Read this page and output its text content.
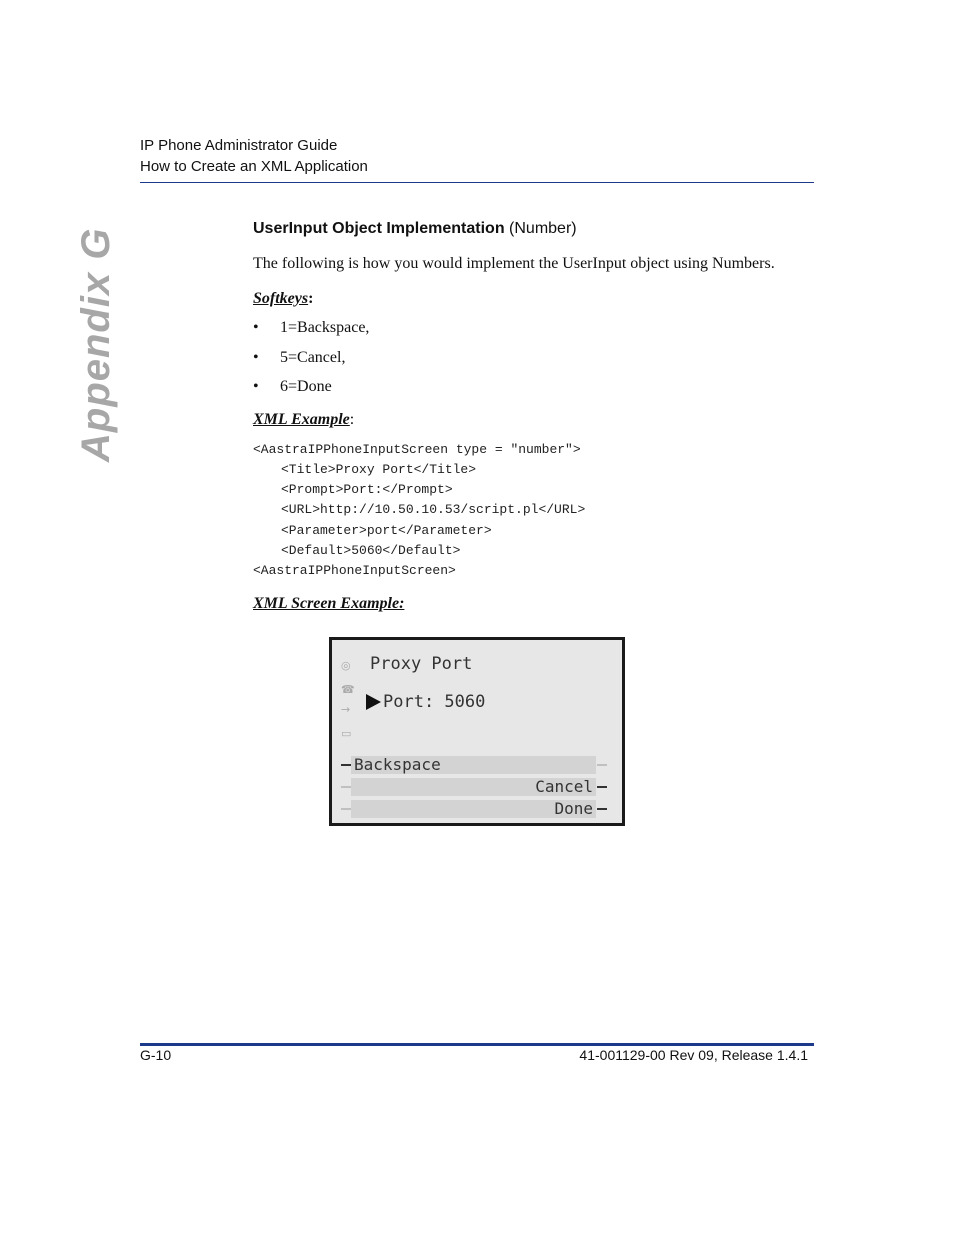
IP Phone Administrator Guide
How to Create an XML Application
Appendix G	UserInput Object Implementation (Number)

The following is how you would implement the UserInput object using Numbers.

Softkeys:
•	1=Backspace,
•	5=Cancel,
•	6=Done
XML Example:
<AastraIPPhoneInputScreen type = "number">
<Title>Proxy Port</Title>
<Prompt>Port:</Prompt>
<URL>http://10.50.10.53/script.pl</URL>
<Parameter>port</Parameter>
<Default>5060</Default>
<AastraIPPhoneInputScreen>
XML Screen Example:
◎
☎
→
▭
Proxy Port
Port: 5060
Backspace
Cancel
Done
G-10	41-001129-00 Rev 09, Release 1.4.1
